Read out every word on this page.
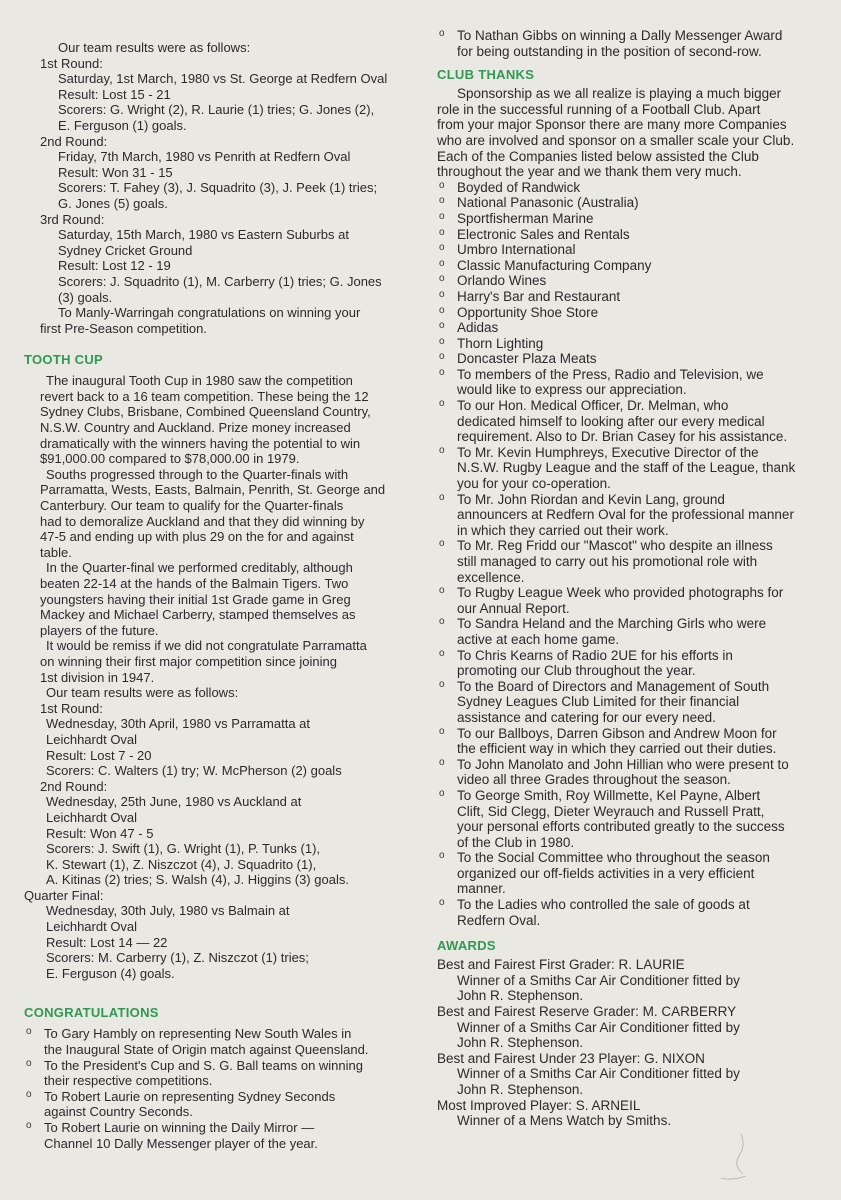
Our team results were as follows:
1st Round:
Saturday, 1st March, 1980 vs St. George at Redfern Oval
Result: Lost 15 - 21
Scorers: G. Wright (2), R. Laurie (1) tries; G. Jones (2),
E. Ferguson (1) goals.
2nd Round:
Friday, 7th March, 1980 vs Penrith at Redfern Oval
Result: Won 31 - 15
Scorers: T. Fahey (3), J. Squadrito (3), J. Peek (1) tries;
G. Jones (5) goals.
3rd Round:
Saturday, 15th March, 1980 vs Eastern Suburbs at
Sydney Cricket Ground
Result: Lost 12 - 19
Scorers: J. Squadrito (1), M. Carberry (1) tries; G. Jones
(3) goals.
To Manly-Warringah congratulations on winning your
first Pre-Season competition.
TOOTH CUP
The inaugural Tooth Cup in 1980 saw the competition
revert back to a 16 team competition. These being the 12
Sydney Clubs, Brisbane, Combined Queensland Country,
N.S.W. Country and Auckland. Prize money increased
dramatically with the winners having the potential to win
$91,000.00 compared to $78,000.00 in 1979.
Souths progressed through to the Quarter-finals with
Parramatta, Wests, Easts, Balmain, Penrith, St. George and
Canterbury. Our team to qualify for the Quarter-finals
had to demoralize Auckland and that they did winning by
47-5 and ending up with plus 29 on the for and against
table.
In the Quarter-final we performed creditably, although
beaten 22-14 at the hands of the Balmain Tigers. Two
youngsters having their initial 1st Grade game in Greg
Mackey and Michael Carberry, stamped themselves as
players of the future.
It would be remiss if we did not congratulate Parramatta
on winning their first major competition since joining
1st division in 1947.
Our team results were as follows:
1st Round:
Wednesday, 30th April, 1980 vs Parramatta at
Leichhardt Oval
Result: Lost 7 - 20
Scorers: C. Walters (1) try; W. McPherson (2) goals
2nd Round:
Wednesday, 25th June, 1980 vs Auckland at
Leichhardt Oval
Result: Won 47 - 5
Scorers: J. Swift (1), G. Wright (1), P. Tunks (1),
K. Stewart (1), Z. Niszczot (4), J. Squadrito (1),
A. Kitinas (2) tries; S. Walsh (4), J. Higgins (3) goals.
Quarter Final:
Wednesday, 30th July, 1980 vs Balmain at
Leichhardt Oval
Result: Lost 14 — 22
Scorers: M. Carberry (1), Z. Niszczot (1) tries;
E. Ferguson (4) goals.
CONGRATULATIONS
o To Gary Hambly on representing New South Wales in
the Inaugural State of Origin match against Queensland.
o To the President's Cup and S. G. Ball teams on winning
their respective competitions.
o To Robert Laurie on representing Sydney Seconds
against Country Seconds.
o To Robert Laurie on winning the Daily Mirror —
Channel 10 Dally Messenger player of the year.
o To Nathan Gibbs on winning a Dally Messenger Award
for being outstanding in the position of second-row.
CLUB THANKS
Sponsorship as we all realize is playing a much bigger
role in the successful running of a Football Club. Apart
from your major Sponsor there are many more Companies
who are involved and sponsor on a smaller scale your Club.
Each of the Companies listed below assisted the Club
throughout the year and we thank them very much.
o Boyded of Randwick
o National Panasonic (Australia)
o Sportfisherman Marine
o Electronic Sales and Rentals
o Umbro International
o Classic Manufacturing Company
o Orlando Wines
o Harry's Bar and Restaurant
o Opportunity Shoe Store
o Adidas
o Thorn Lighting
o Doncaster Plaza Meats
o To members of the Press, Radio and Television, we
would like to express our appreciation.
o To our Hon. Medical Officer, Dr. Melman, who
dedicated himself to looking after our every medical
requirement. Also to Dr. Brian Casey for his assistance.
o To Mr. Kevin Humphreys, Executive Director of the
N.S.W. Rugby League and the staff of the League, thank
you for your co-operation.
o To Mr. John Riordan and Kevin Lang, ground
announcers at Redfern Oval for the professional manner
in which they carried out their work.
o To Mr. Reg Fridd our "Mascot" who despite an illness
still managed to carry out his promotional role with
excellence.
o To Rugby League Week who provided photographs for
our Annual Report.
o To Sandra Heland and the Marching Girls who were
active at each home game.
o To Chris Kearns of Radio 2UE for his efforts in
promoting our Club throughout the year.
o To the Board of Directors and Management of South
Sydney Leagues Club Limited for their financial
assistance and catering for our every need.
o To our Ballboys, Darren Gibson and Andrew Moon for
the efficient way in which they carried out their duties.
o To John Manolato and John Hillian who were present to
video all three Grades throughout the season.
o To George Smith, Roy Willmette, Kel Payne, Albert
Clift, Sid Clegg, Dieter Weyrauch and Russell Pratt,
your personal efforts contributed greatly to the success
of the Club in 1980.
o To the Social Committee who throughout the season
organized our off-fields activities in a very efficient
manner.
o To the Ladies who controlled the sale of goods at
Redfern Oval.
AWARDS
Best and Fairest First Grader: R. LAURIE
Winner of a Smiths Car Air Conditioner fitted by
John R. Stephenson.
Best and Fairest Reserve Grader: M. CARBERRY
Winner of a Smiths Car Air Conditioner fitted by
John R. Stephenson.
Best and Fairest Under 23 Player: G. NIXON
Winner of a Smiths Car Air Conditioner fitted by
John R. Stephenson.
Most Improved Player: S. ARNEIL
Winner of a Mens Watch by Smiths.
